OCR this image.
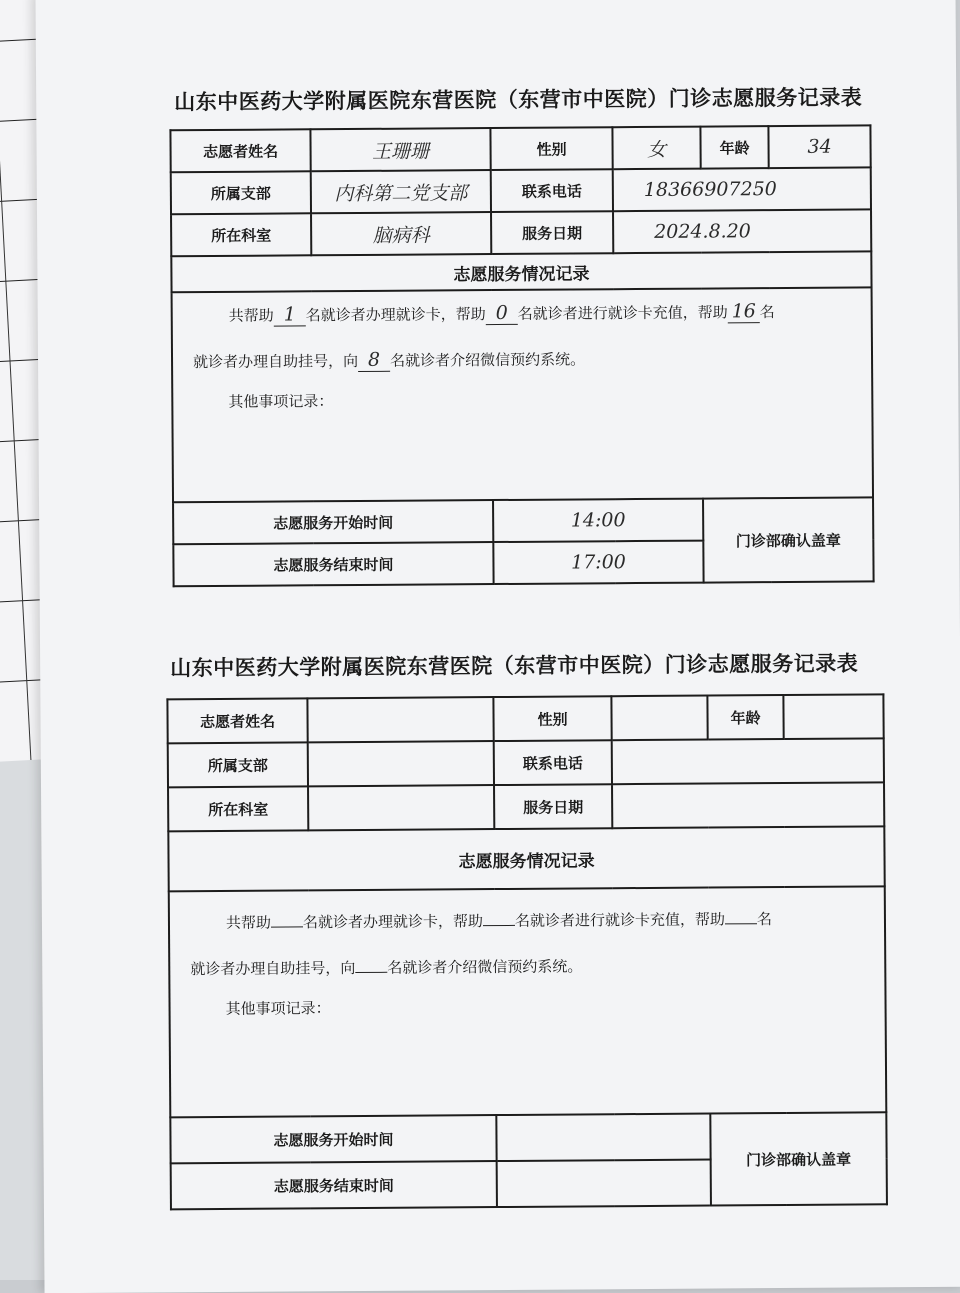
山东中医药大学附属医院东营医院（东营市中医院）门诊志愿服务记录表
志愿者姓名	王珊珊	性别	女	年龄	34
所属支部	内科第二党支部	联系电话	18366907250		
所在科室	脑病科	服务日期	2024.8.20		
志愿服务情况记录					

共帮助 1 名就诊者办理就诊卡，帮助 0 名就诊者进行就诊卡充值，帮助 16 名
就诊者办理自助挂号，向 8 名就诊者介绍微信预约系统。
其他事项记录：					

志愿服务开始时间		14:00		门诊部确认盖章	
志愿服务结束时间		17:00			
山东中医药大学附属医院东营医院（东营市中医院）门诊志愿服务记录表
志愿者姓名		性别		年龄	
所属支部		联系电话			
所在科室		服务日期			
志愿服务情况记录					

共帮助 名就诊者办理就诊卡，帮助 名就诊者进行就诊卡充值，帮助 名
就诊者办理自助挂号，向 名就诊者介绍微信预约系统。
其他事项记录：					

志愿服务开始时间				门诊部确认盖章	
志愿服务结束时间					
